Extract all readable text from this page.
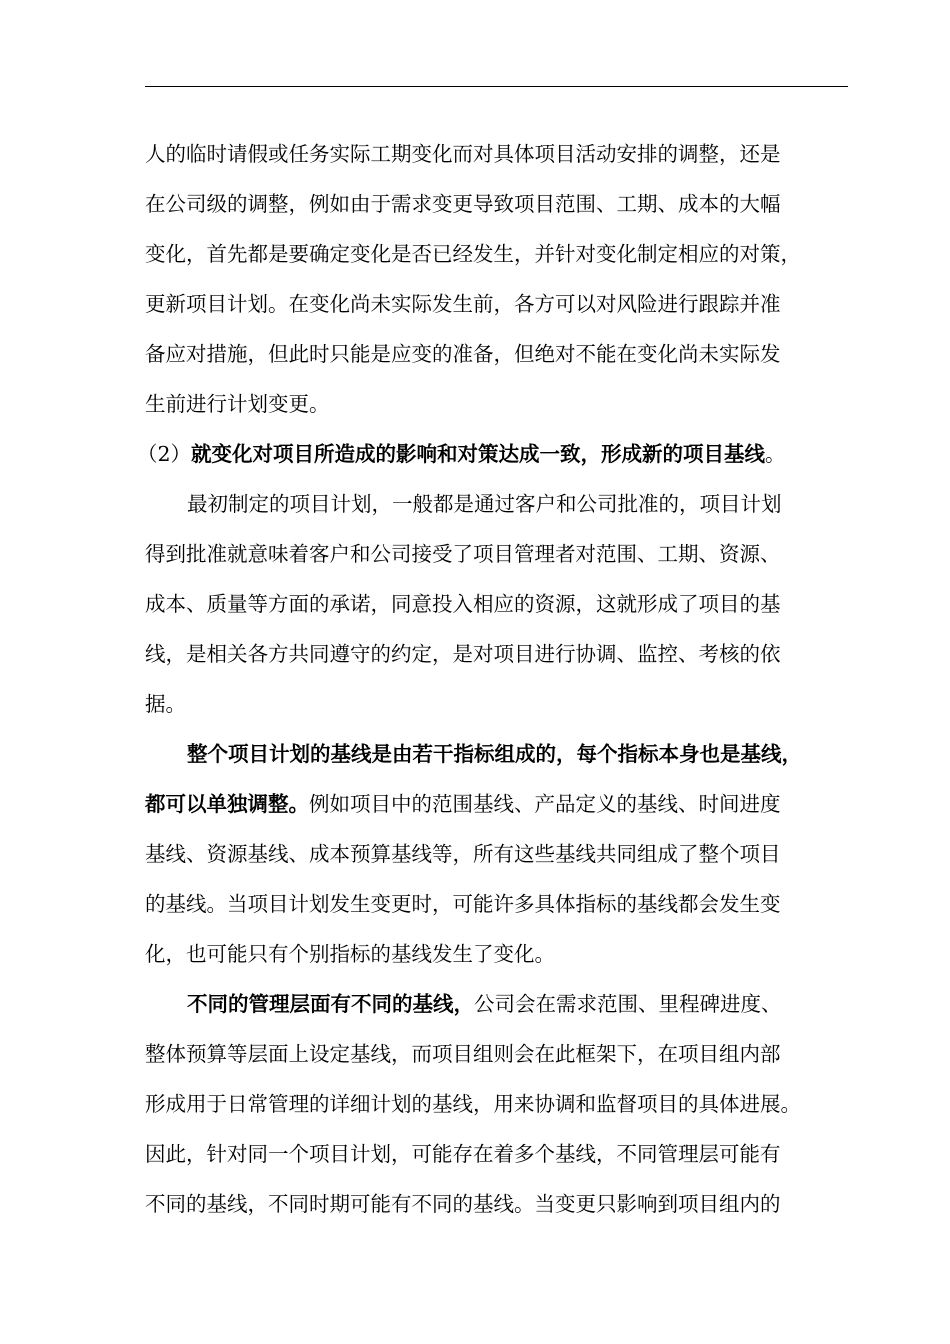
人的临时请假或任务实际工期变化而对具体项目活动安排的调整，还是
在公司级的调整，例如由于需求变更导致项目范围、工期、成本的大幅
变化，首先都是要确定变化是否已经发生，并针对变化制定相应的对策，
更新项目计划。在变化尚未实际发生前，各方可以对风险进行跟踪并准
备应对措施，但此时只能是应变的准备，但绝对不能在变化尚未实际发
生前进行计划变更。
（2）就变化对项目所造成的影响和对策达成一致，形成新的项目基线。
最初制定的项目计划，一般都是通过客户和公司批准的，项目计划
得到批准就意味着客户和公司接受了项目管理者对范围、工期、资源、
成本、质量等方面的承诺，同意投入相应的资源，这就形成了项目的基
线，是相关各方共同遵守的约定，是对项目进行协调、监控、考核的依
据。
整个项目计划的基线是由若干指标组成的，每个指标本身也是基线，
都可以单独调整。例如项目中的范围基线、产品定义的基线、时间进度
基线、资源基线、成本预算基线等，所有这些基线共同组成了整个项目
的基线。当项目计划发生变更时，可能许多具体指标的基线都会发生变
化，也可能只有个别指标的基线发生了变化。
不同的管理层面有不同的基线，公司会在需求范围、里程碑进度、
整体预算等层面上设定基线，而项目组则会在此框架下，在项目组内部
形成用于日常管理的详细计划的基线，用来协调和监督项目的具体进展。
因此，针对同一个项目计划，可能存在着多个基线，不同管理层可能有
不同的基线，不同时期可能有不同的基线。当变更只影响到项目组内的
